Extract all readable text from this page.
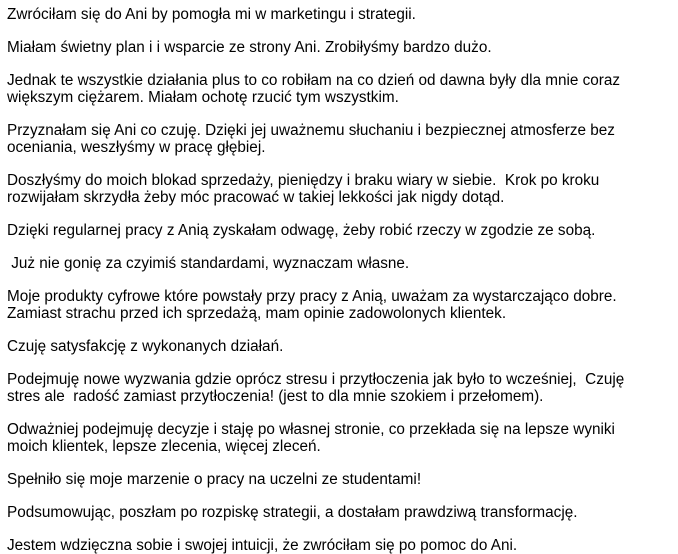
Zwróciłam się do Ani by pomogła mi w marketingu i strategii.

Miałam świetny plan i i wsparcie ze strony Ani. Zrobiłyśmy bardzo dużo.

Jednak te wszystkie działania plus to co robiłam na co dzień od dawna były dla mnie coraz
większym ciężarem. Miałam ochotę rzucić tym wszystkim.

Przyznałam się Ani co czuję. Dzięki jej uważnemu słuchaniu i bezpiecznej atmosferze bez
oceniania, weszłyśmy w pracę głębiej.

Doszłyśmy do moich blokad sprzedaży, pieniędzy i braku wiary w siebie.  Krok po kroku
rozwijałam skrzydła żeby móc pracować w takiej lekkości jak nigdy dotąd.

Dzięki regularnej pracy z Anią zyskałam odwagę, żeby robić rzeczy w zgodzie ze sobą.

Już nie gonię za czyimiś standardami, wyznaczam własne.

Moje produkty cyfrowe które powstały przy pracy z Anią, uważam za wystarczająco dobre.
Zamiast strachu przed ich sprzedażą, mam opinie zadowolonych klientek.

Czuję satysfakcję z wykonanych działań.

Podejmuję nowe wyzwania gdzie oprócz stresu i przytłoczenia jak było to wcześniej,  Czuję
stres ale  radość zamiast przytłoczenia! (jest to dla mnie szokiem i przełomem).

Odważniej podejmuję decyzje i staję po własnej stronie, co przekłada się na lepsze wyniki
moich klientek, lepsze zlecenia, więcej zleceń.

Spełniło się moje marzenie o pracy na uczelni ze studentami!

Podsumowując, poszłam po rozpiskę strategii, a dostałam prawdziwą transformację.

Jestem wdzięczna sobie i swojej intuicji, że zwróciłam się po pomoc do Ani.
